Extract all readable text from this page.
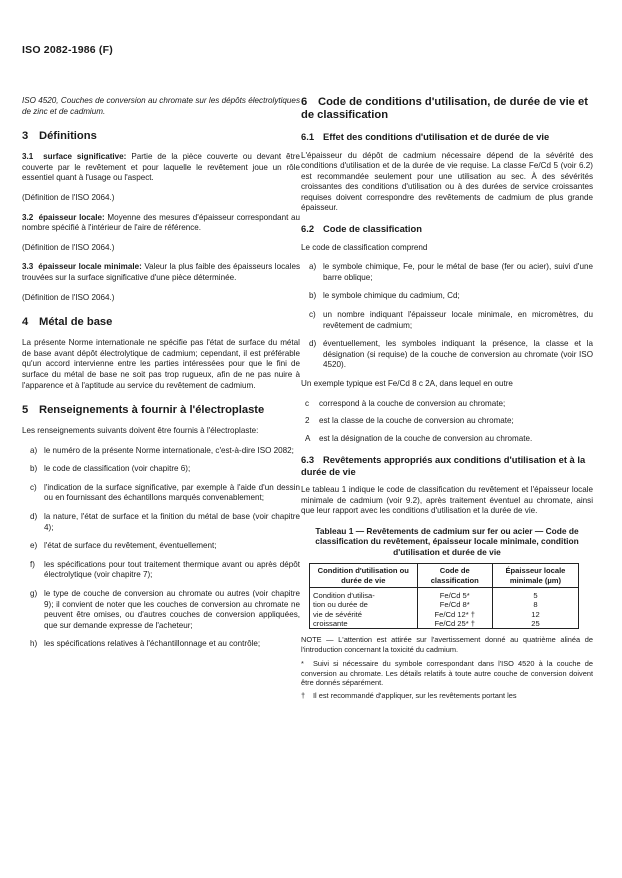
ISO 2082-1986 (F)

ISO 4520, Couches de conversion au chromate sur les dépôts électrolytiques de zinc et de cadmium.

3 Définitions

3.1 surface significative: Partie de la pièce couverte ou devant être couverte par le revêtement et pour laquelle le revêtement joue un rôle essentiel quant à l'usage ou l'aspect.

(Définition de l'ISO 2064.)

3.2 épaisseur locale: Moyenne des mesures d'épaisseur correspondant au nombre spécifié à l'intérieur de l'aire de référence.

(Définition de l'ISO 2064.)

3.3 épaisseur locale minimale: Valeur la plus faible des épaisseurs locales trouvées sur la surface significative d'une pièce déterminée.

(Définition de l'ISO 2064.)

4 Métal de base

La présente Norme internationale ne spécifie pas l'état de surface du métal de base avant dépôt électrolytique de cadmium; cependant, il est préférable qu'un accord intervienne entre les parties intéressées pour que le fini de surface du métal de base ne soit pas trop rugueux, afin de ne pas nuire à l'apparence et à l'aptitude au service du revêtement de cadmium.

5 Renseignements à fournir à l'électroplaste

Les renseignements suivants doivent être fournis à l'électroplaste:

a) le numéro de la présente Norme internationale, c'est-à-dire ISO 2082;
b) le code de classification (voir chapitre 6);
c) l'indication de la surface significative, par exemple à l'aide d'un dessin ou en fournissant des échantillons marqués convenablement;
d) la nature, l'état de surface et la finition du métal de base (voir chapitre 4);
e) l'état de surface du revêtement, éventuellement;
f)	les spécifications pour tout traitement thermique avant ou après dépôt électrolytique (voir chapitre 7);
g) le type de couche de conversion au chromate ou autres (voir chapitre 9); il convient de noter que les couches de conversion au chromate ne peuvent être omises, ou d'autres couches de conversion appliquées, que sur demande expresse de l'acheteur;
h) les spécifications relatives à l'échantillonnage et au contrôle;
6 Code de conditions d'utilisation, de durée de vie et de classification
6.1 Effet des conditions d'utilisation et de durée de vie

L'épaisseur du dépôt de cadmium nécessaire dépend de la sévérité des conditions d'utilisation et de la durée de vie requise. La classe Fe/Cd 5 (voir 6.2) est recommandée seulement pour une utilisation au sec. À des sévérités croissantes des conditions d'utilisation ou à des durées de service croissantes requises doivent correspondre des revêtements de cadmium de plus grande épaisseur.

6.2 Code de classification

Le code de classification comprend

a) le symbole chimique, Fe, pour le métal de base (fer ou acier), suivi d'une barre oblique;
b) le symbole chimique du cadmium, Cd;
c) un nombre indiquant l'épaisseur locale minimale, en micromètres, du revêtement de cadmium;
d) éventuellement, les symboles indiquant la présence, la classe et la désignation (si requise) de la couche de conversion au chromate (voir ISO 4520).

Un exemple typique est Fe/Cd 8 c 2A, dans lequel en outre

c	correspond à la couche de conversion au chromate;
2	est la classe de la couche de conversion au chromate;
A	est la désignation de la couche de conversion au chromate.
6.3 Revêtements appropriés aux conditions d'utilisation et à la durée de vie

Le tableau 1 indique le code de classification du revêtement et l'épaisseur locale minimale de cadmium (voir 9.2), après traitement éventuel au chromate, ainsi que leur rapport avec les conditions d'utilisation et la durée de vie.

Tableau 1 — Revêtements de cadmium sur fer ou acier — Code de classification du revêtement, épaisseur locale minimale, condition d'utilisation et durée de vie
Condition d'utilisation ou durée de vie	Code de classification	Épaisseur locale minimale (µm)
Condition d'utilisa-	Fe/Cd 5*	5
tion ou durée de	Fe/Cd 8*	8
vie de sévérité	Fe/Cd 12* †	12
croissante	Fe/Cd 25* †	25

NOTE — L'attention est attirée sur l'avertissement donné au quatrième alinéa de l'introduction concernant la toxicité du cadmium.

* Suivi si nécessaire du symbole correspondant dans l'ISO 4520 à la couche de conversion au chromate. Les détails relatifs à toute autre couche de conversion doivent être donnés séparément.

† Il est recommandé d'appliquer, sur les revêtements portant les
